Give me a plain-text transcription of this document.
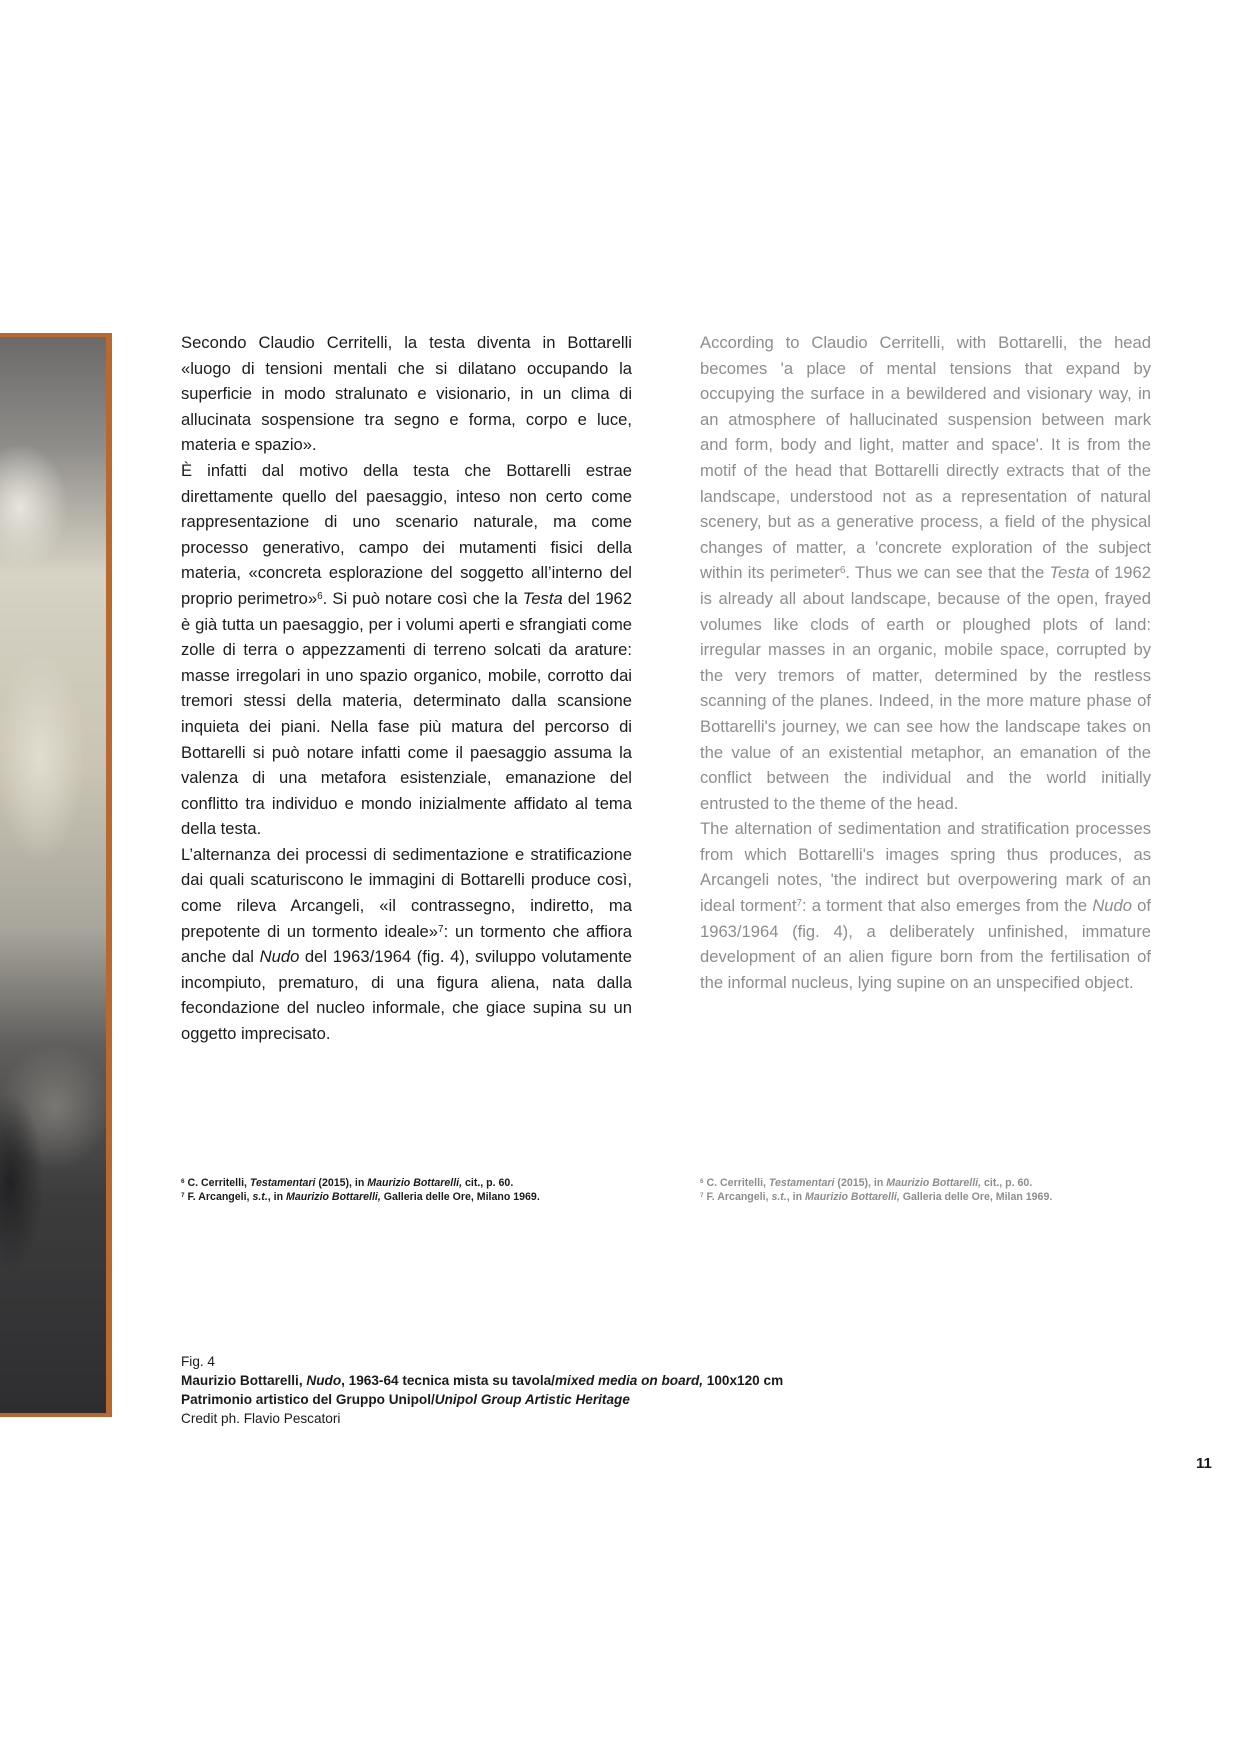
Secondo Claudio Cerritelli, la testa diventa in Bottarelli «luogo di tensioni mentali che si dilatano occupando la superficie in modo stralunato e visionario, in un clima di allucinata sospensione tra segno e forma, corpo e luce, materia e spazio».

È infatti dal motivo della testa che Bottarelli estrae direttamente quello del paesaggio, inteso non certo come rappresentazione di uno scenario naturale, ma come processo generativo, campo dei mutamenti fisici della materia, «concreta esplorazione del soggetto all’interno del proprio perimetro»$^6$. Si può notare così che la Testa del 1962 è già tutta un paesaggio, per i volumi aperti e sfrangiati come zolle di terra o appezzamenti di terreno solcati da arature: masse irregolari in uno spazio organico, mobile, corrotto dai tremori stessi della materia, determinato dalla scansione inquieta dei piani. Nella fase più matura del percorso di Bottarelli si può notare infatti come il paesaggio assuma la valenza di una metafora esistenziale, emanazione del conflitto tra individuo e mondo inizialmente affidato al tema della testa.

L’alternanza dei processi di sedimentazione e stratificazione dai quali scaturiscono le immagini di Bottarelli produce così, come rileva Arcangeli, «il contrassegno, indiretto, ma prepotente di un tormento ideale»$^7$: un tormento che affiora anche dal Nudo del 1963/1964 (fig. 4), sviluppo volutamente incompiuto, prematuro, di una figura aliena, nata dalla fecondazione del nucleo informale, che giace supina su un oggetto imprecisato.

According to Claudio Cerritelli, with Bottarelli, the head becomes 'a place of mental tensions that expand by occupying the surface in a bewildered and visionary way, in an atmosphere of hallucinated suspension between mark and form, body and light, matter and space'. It is from the motif of the head that Bottarelli directly extracts that of the landscape, understood not as a representation of natural scenery, but as a generative process, a field of the physical changes of matter, a 'concrete exploration of the subject within its perimeter$^6$. Thus we can see that the Testa of 1962 is already all about landscape, because of the open, frayed volumes like clods of earth or ploughed plots of land: irregular masses in an organic, mobile space, corrupted by the very tremors of matter, determined by the restless scanning of the planes. Indeed, in the more mature phase of Bottarelli's journey, we can see how the landscape takes on the value of an existential metaphor, an emanation of the conflict between the individual and the world initially entrusted to the theme of the head.

The alternation of sedimentation and stratification processes from which Bottarelli's images spring thus produces, as Arcangeli notes, 'the indirect but overpowering mark of an ideal torment$^7$: a torment that also emerges from the Nudo of 1963/1964 (fig. 4), a deliberately unfinished, immature development of an alien figure born from the fertilisation of the informal nucleus, lying supine on an unspecified object.

$^6$ C. Cerritelli, Testamentari (2015), in Maurizio Bottarelli, cit., p. 60.
$^7$ F. Arcangeli, s.t., in Maurizio Bottarelli, Galleria delle Ore, Milano 1969.
$^6$ C. Cerritelli, Testamentari (2015), in Maurizio Bottarelli, cit., p. 60.
$^7$ F. Arcangeli, s.t., in Maurizio Bottarelli, Galleria delle Ore, Milan 1969.
Fig. 4
Maurizio Bottarelli, Nudo, 1963-64 tecnica mista su tavola/mixed media on board, 100x120 cm
Patrimonio artistico del Gruppo Unipol/Unipol Group Artistic Heritage
Credit ph. Flavio Pescatori
11
